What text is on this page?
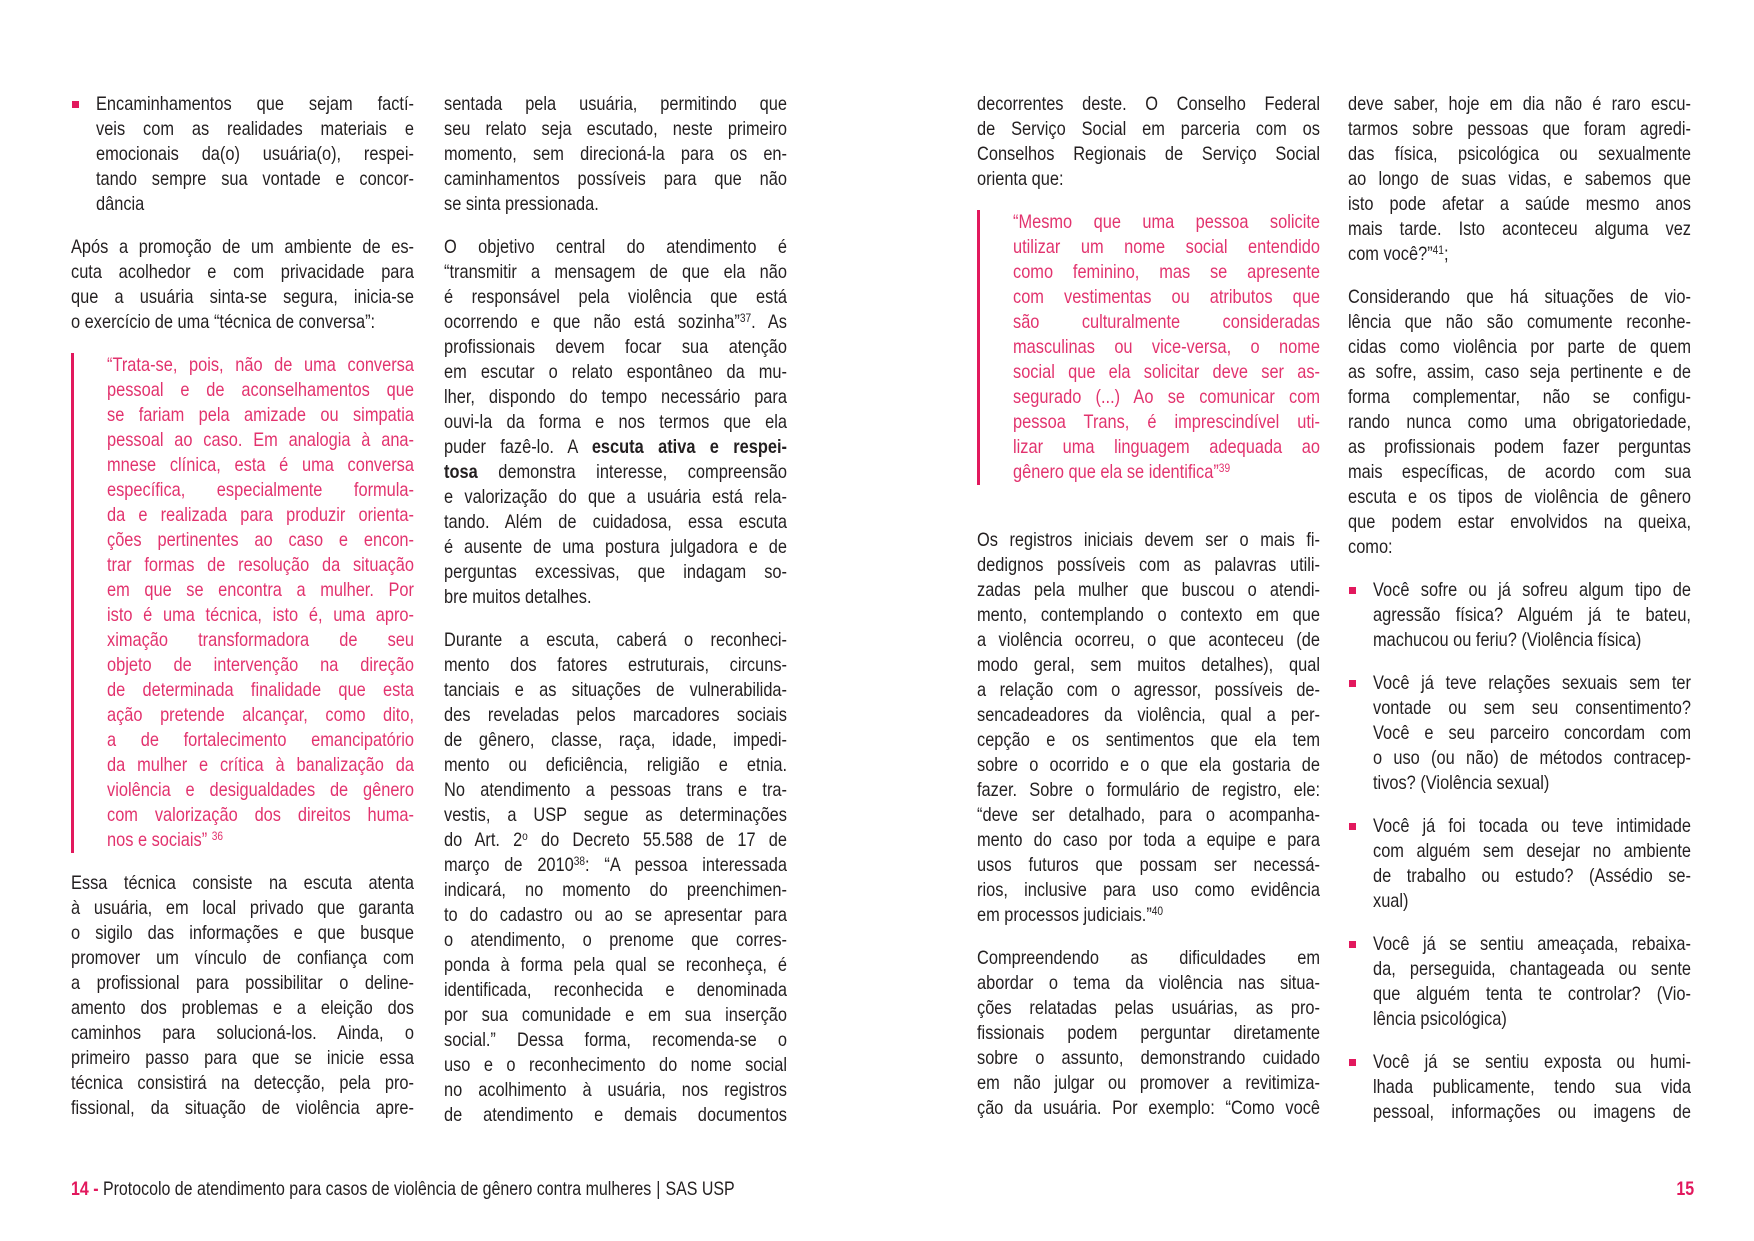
Encaminhamentos que sejam factí-
veis com as realidades materiais e
emocionais da(o) usuária(o), respei-
tando sempre sua vontade e concor-
dância
Após a promoção de um ambiente de es-
cuta acolhedor e com privacidade para
que a usuária sinta-se segura, inicia-se
o exercício de uma “técnica de conversa”:
“Trata-se, pois, não de uma conversa
pessoal e de aconselhamentos que
se fariam pela amizade ou simpatia
pessoal ao caso. Em analogia à ana-
mnese clínica, esta é uma conversa
específica, especialmente formula-
da e realizada para produzir orienta-
ções pertinentes ao caso e encon-
trar formas de resolução da situação
em que se encontra a mulher. Por
isto é uma técnica, isto é, uma apro-
ximação transformadora de seu
objeto de intervenção na direção
de determinada finalidade que esta
ação pretende alcançar, como dito,
a de fortalecimento emancipatório
da mulher e crítica à banalização da
violência e desigualdades de gênero
com valorização dos direitos huma-
nos e sociais” $^{36}$
Essa técnica consiste na escuta atenta
à usuária, em local privado que garanta
o sigilo das informações e que busque
promover um vínculo de confiança com
a profissional para possibilitar o deline-
amento dos problemas e a eleição dos
caminhos para solucioná-los. Ainda, o
primeiro passo para que se inicie essa
técnica consistirá na detecção, pela pro-
fissional, da situação de violência apre-
sentada pela usuária, permitindo que
seu relato seja escutado, neste primeiro
momento, sem direcioná-la para os en-
caminhamentos possíveis para que não
se sinta pressionada.
O objetivo central do atendimento é
“transmitir a mensagem de que ela não
é responsável pela violência que está
ocorrendo e que não está sozinha”$^{37}$. As
profissionais devem focar sua atenção
em escutar o relato espontâneo da mu-
lher, dispondo do tempo necessário para
ouvi-la da forma e nos termos que ela
puder fazê-lo. A escuta ativa e respei-
tosa demonstra interesse, compreensão
e valorização do que a usuária está rela-
tando. Além de cuidadosa, essa escuta
é ausente de uma postura julgadora e de
perguntas excessivas, que indagam so-
bre muitos detalhes.
Durante a escuta, caberá o reconheci-
mento dos fatores estruturais, circuns-
tanciais e as situações de vulnerabilida-
des reveladas pelos marcadores sociais
de gênero, classe, raça, idade, impedi-
mento ou deficiência, religião e etnia.
No atendimento a pessoas trans e tra-
vestis, a USP segue as determinações
do Art. 2$^o$ do Decreto 55.588 de 17 de
março de 2010$^{38}$: “A pessoa interessada
indicará, no momento do preenchimen-
to do cadastro ou ao se apresentar para
o atendimento, o prenome que corres-
ponda à forma pela qual se reconheça, é
identificada, reconhecida e denominada
por sua comunidade e em sua inserção
social.” Dessa forma, recomenda-se o
uso e o reconhecimento do nome social
no acolhimento à usuária, nos registros
de atendimento e demais documentos
decorrentes deste. O Conselho Federal
de Serviço Social em parceria com os
Conselhos Regionais de Serviço Social
orienta que:
“Mesmo que uma pessoa solicite
utilizar um nome social entendido
como feminino, mas se apresente
com vestimentas ou atributos que
são culturalmente consideradas
masculinas ou vice-versa, o nome
social que ela solicitar deve ser as-
segurado (...) Ao se comunicar com
pessoa Trans, é imprescindível uti-
lizar uma linguagem adequada ao
gênero que ela se identifica”$^{39}$
Os registros iniciais devem ser o mais fi-
dedignos possíveis com as palavras utili-
zadas pela mulher que buscou o atendi-
mento, contemplando o contexto em que
a violência ocorreu, o que aconteceu (de
modo geral, sem muitos detalhes), qual
a relação com o agressor, possíveis de-
sencadeadores da violência, qual a per-
cepção e os sentimentos que ela tem
sobre o ocorrido e o que ela gostaria de
fazer. Sobre o formulário de registro, ele:
“deve ser detalhado, para o acompanha-
mento do caso por toda a equipe e para
usos futuros que possam ser necessá-
rios, inclusive para uso como evidência
em processos judiciais.”$^{40}$
Compreendendo as dificuldades em
abordar o tema da violência nas situa-
ções relatadas pelas usuárias, as pro-
fissionais podem perguntar diretamente
sobre o assunto, demonstrando cuidado
em não julgar ou promover a revitimiza-
ção da usuária. Por exemplo: “Como você
deve saber, hoje em dia não é raro escu-
tarmos sobre pessoas que foram agredi-
das física, psicológica ou sexualmente
ao longo de suas vidas, e sabemos que
isto pode afetar a saúde mesmo anos
mais tarde. Isto aconteceu alguma vez
com você?”$^{41}$;
Considerando que há situações de vio-
lência que não são comumente reconhe-
cidas como violência por parte de quem
as sofre, assim, caso seja pertinente e de
forma complementar, não se configu-
rando nunca como uma obrigatoriedade,
as profissionais podem fazer perguntas
mais específicas, de acordo com sua
escuta e os tipos de violência de gênero
que podem estar envolvidos na queixa,
como:
Você sofre ou já sofreu algum tipo de
agressão física? Alguém já te bateu,
machucou ou feriu? (Violência física)
Você já teve relações sexuais sem ter
vontade ou sem seu consentimento?
Você e seu parceiro concordam com
o uso (ou não) de métodos contracep-
tivos? (Violência sexual)
Você já foi tocada ou teve intimidade
com alguém sem desejar no ambiente
de trabalho ou estudo? (Assédio se-
xual)
Você já se sentiu ameaçada, rebaixa-
da, perseguida, chantageada ou sente
que alguém tenta te controlar? (Vio-
lência psicológica)
Você já se sentiu exposta ou humi-
lhada publicamente, tendo sua vida
pessoal, informações ou imagens de
14 - Protocolo de atendimento para casos de violência de gênero contra mulheres | SAS USP	15
